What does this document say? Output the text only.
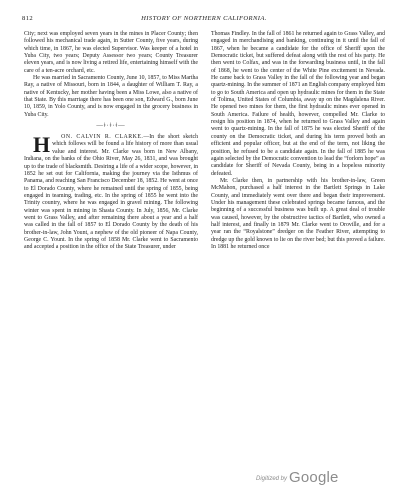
812	HISTORY OF NORTHERN CALIFORNIA.

City; next was employed seven years in the mines in Placer County; then followed his mechanical trade again, in Sutter County, five years, during which time, in 1867, he was elected Supervisor. Was keeper of a hotel in Yuba City, two years; Deputy Assessor two years; County Treasurer eleven years, and is now living a retired life, entertaining himself with the care of a ten-acre orchard, etc.

He was married in Sacramento County, June 10, 1857, to Miss Martha Ray, a native of Missouri, born in 1844, a daughter of William T. Ray, a native of Kentucky, her mother having been a Miss Lowe, also a native of that State. By this marriage there has been one son, Edward G., born June 10, 1859, in Yolo County, and is now engaged in the grocery business in Yuba City.

—ǂ·ǂ·ǂ—

H ON. CALVIN R. CLARKE.—In the short sketch which follows will be found a life history of more than usual value and interest. Mr. Clarke was born in New Albany, Indiana, on the banks of the Ohio River, May 26, 1831, and was brought up to the trade of blacksmith. Desiring a life of a wider scope, however, in 1852 he set out for California, making the journey via the Isthmus of Panama, and reaching San Francisco December 18, 1852. He went at once to El Dorado County, where he remained until the spring of 1855, being engaged in teaming, trading, etc. In the spring of 1855 he went into the Trinity country, where he was engaged in gravel mining. The following winter was spent in mining in Shasta County. In July, 1856, Mr. Clarke went to Grass Valley, and after remaining there about a year and a half was called in the fall of 1857 to El Dorado County by the death of his brother-in-law, John Yount, a nephew of the old pioneer of Napa County, George C. Yount. In the spring of 1858 Mr. Clarke went to Sacramento and accepted a position in the office of the State Treasurer, under

Thomas Findley. In the fall of 1861 he returned again to Grass Valley, and engaged in merchandising and banking, continuing in it until the fall of 1867, when he became a candidate for the office of Sheriff upon the Democratic ticket, but suffered defeat along with the rest of his party. He then went to Colfax, and was in the forwarding business until, in the fall of 1868, he went to the center of the White Pine excitement in Nevada. He came back to Grass Valley in the fall of the following year and began quartz-mining. In the summer of 1871 an English company employed him to go to South America and open up hydraulic mines for them in the State of Tolima, United States of Columbia, away up on the Magdalena River. He opened two mines for them, the first hydraulic mines ever opened in South America. Failure of health, however, compelled Mr. Clarke to resign his position in 1874, when he returned to Grass Valley and again went to quartz-mining. In the fall of 1875 he was elected Sheriff of the county on the Democratic ticket, and during his term proved both an efficient and popular officer, but at the end of the term, not liking the position, he refused to be a candidate again. In the fall of 1885 he was again selected by the Democratic convention to lead the “forlorn hope” as candidate for Sheriff of Nevada County, being in a hopeless minority defeated.

Mr. Clarke then, in partnership with his brother-in-law, Green McMahon, purchased a half interest in the Bartlett Springs in Lake County, and immediately went over there and began their improvement. Under his management these celebrated springs became famous, and the beginning of a successful business was built up. A great deal of trouble was caused, however, by the obstructive tactics of Bartlett, who owned a half interest, and finally in 1879 Mr. Clarke went to Oroville, and for a year ran the “Royalstone” dredger on the Feather River, attempting to dredge up the gold known to lie on the river bed; but this proved a failure. In 1881 he returned once

Digitized by Google
